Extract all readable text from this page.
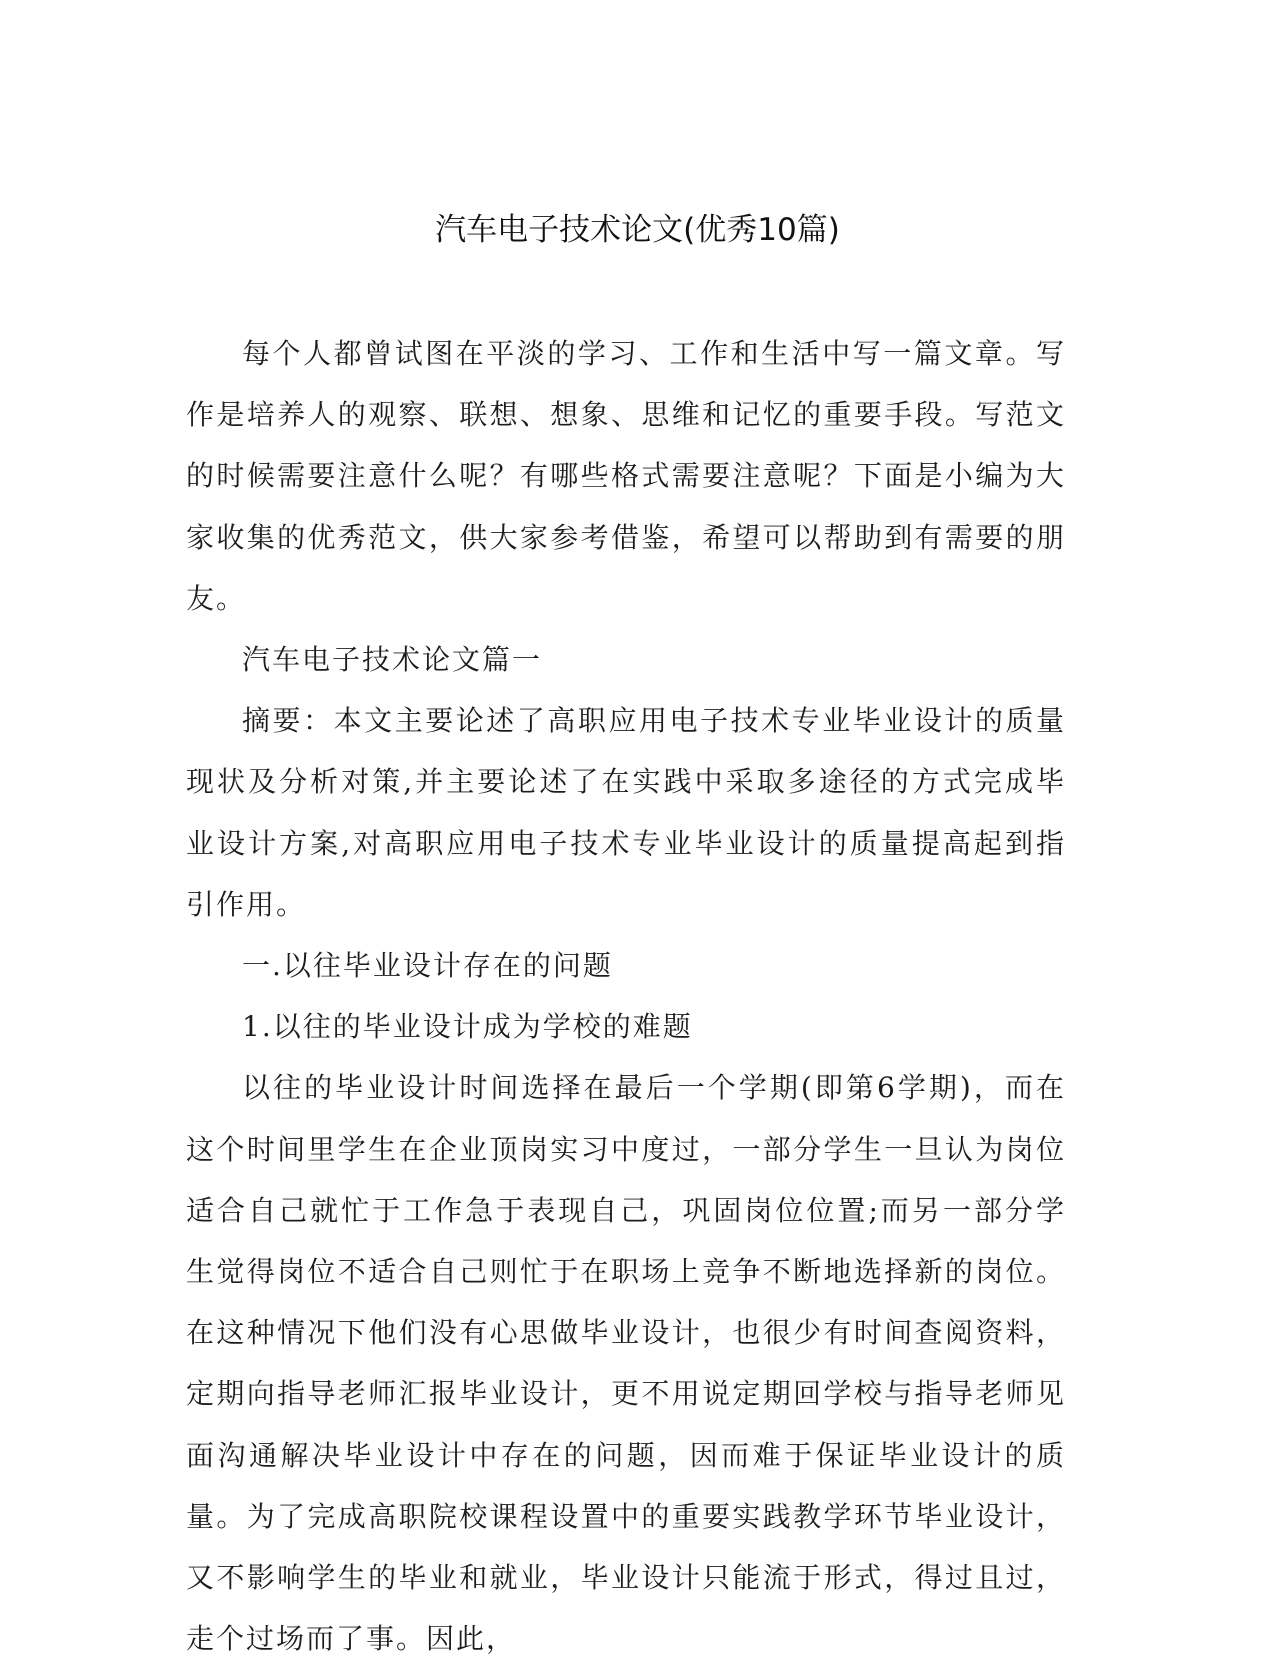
汽车电子技术论文(优秀10篇)

每个人都曾试图在平淡的学习、工作和生活中写一篇文章。写作是培养人的观察、联想、想象、思维和记忆的重要手段。写范文的时候需要注意什么呢？有哪些格式需要注意呢？下面是小编为大家收集的优秀范文，供大家参考借鉴，希望可以帮助到有需要的朋友。

汽车电子技术论文篇一

摘要：本文主要论述了高职应用电子技术专业毕业设计的质量现状及分析对策,并主要论述了在实践中采取多途径的方式完成毕业设计方案,对高职应用电子技术专业毕业设计的质量提高起到指引作用。

一.以往毕业设计存在的问题

1.以往的毕业设计成为学校的难题

以往的毕业设计时间选择在最后一个学期(即第6学期)，而在这个时间里学生在企业顶岗实习中度过，一部分学生一旦认为岗位适合自己就忙于工作急于表现自己，巩固岗位位置;而另一部分学生觉得岗位不适合自己则忙于在职场上竞争不断地选择新的岗位。在这种情况下他们没有心思做毕业设计，也很少有时间查阅资料，定期向指导老师汇报毕业设计，更不用说定期回学校与指导老师见面沟通解决毕业设计中存在的问题，因而难于保证毕业设计的质量。为了完成高职院校课程设置中的重要实践教学环节毕业设计，又不影响学生的毕业和就业，毕业设计只能流于形式，得过且过，走个过场而了事。因此，
